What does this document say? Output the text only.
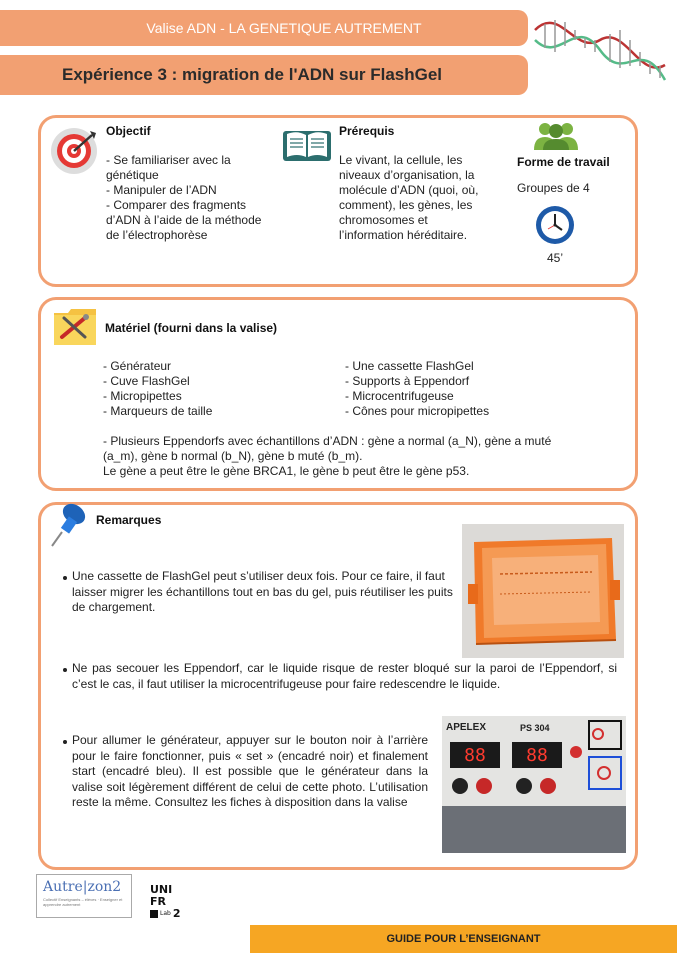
Valise ADN - LA GENETIQUE AUTREMENT
Expérience 3 : migration de l'ADN sur FlashGel
Objectif
- Se familiariser avec la génétique
- Manipuler de l’ADN
- Comparer des fragments d’ADN à l’aide de la méthode de l’électrophorèse
Prérequis
Le vivant, la cellule, les niveaux d’organisation, la molécule d’ADN (quoi, où, comment), les gènes, les chromosomes et l’information héréditaire.
Forme de travail
Groupes de 4
45’
Matériel (fourni dans la valise)
- Générateur
- Cuve FlashGel
- Micropipettes
- Marqueurs de taille
- Une cassette FlashGel
- Supports à Eppendorf
- Microcentrifugeuse
- Cônes pour micropipettes
- Plusieurs Eppendorfs avec échantillons d’ADN : gène a normal (a_N), gène a muté
(a_m), gène b normal (b_N), gène b muté (b_m).
Le gène a peut être le gène BRCA1, le gène b peut être le gène p53.
Remarques
Une cassette de FlashGel peut s’utiliser deux fois. Pour ce faire, il faut laisser migrer les échantillons tout en bas du gel, puis réutiliser les puits de chargement.
Ne pas secouer les Eppendorf, car le liquide risque de rester bloqué sur la paroi de l’Eppendorf, si c’est le cas, il faut utiliser la microcentrifugeuse pour faire redescendre le liquide.
Pour allumer le générateur, appuyer sur le bouton noir à l’arrière pour le faire fonctionner, puis « set » (encadré noir) et finalement start (encadré bleu). Il est possible que le générateur dans la valise soit légèrement différent de celui de cette photo. L’utilisation reste la même. Consultez les fiches à disposition dans la valise
APELEX	PS 304
88	88
Autre|zon2
Collectif Enseignants – élèves · Enseigner et apprendre autrement
UNI
FR
Lab 2
GUIDE POUR L’ENSEIGNANT
